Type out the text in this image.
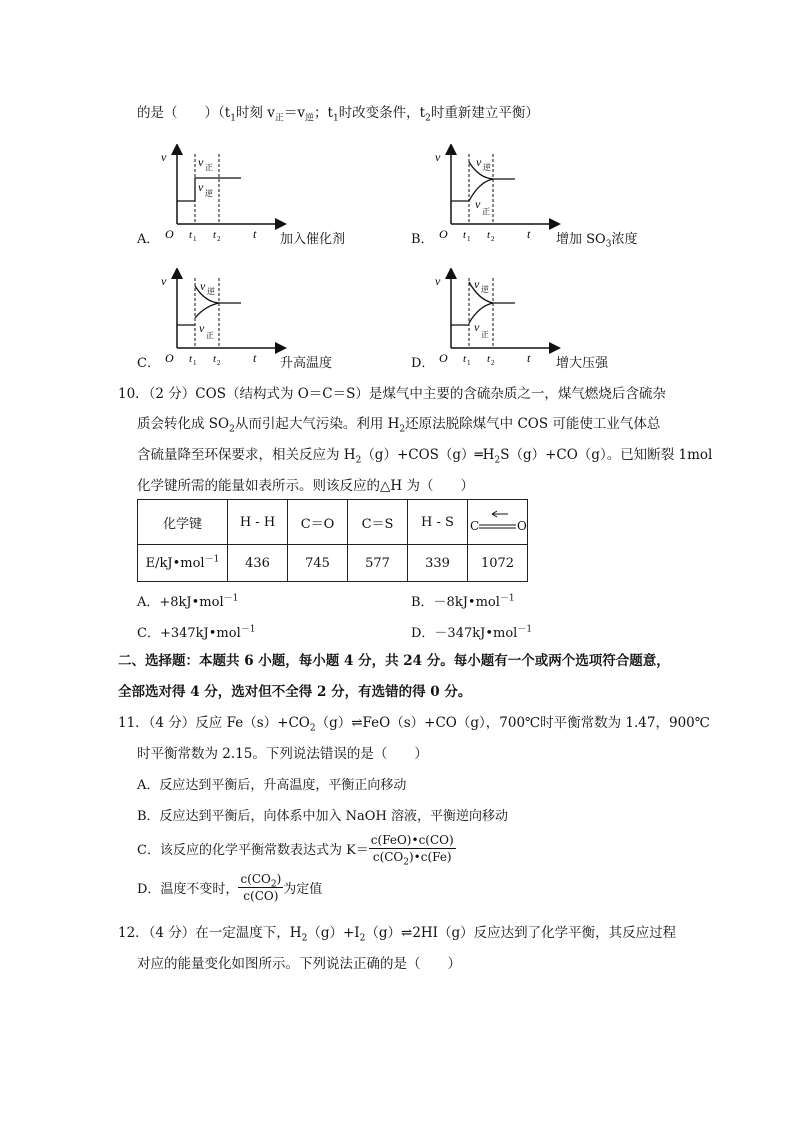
的是（　　）（$t_1$时刻 $v_正=v_逆$；$t_1$时改变条件，$t_2$时重新建立平衡）
A．
v	v 正
v 逆
O t 1 t 2	t 加入催化剂	B．
v	v 逆
v
正
O t 1 t 2	t 增加 $SO_3$浓度
C．
v	v 逆
v
正
O t 1 t 2	t 升高温度	D．
v	v 逆
v
正
O t 1 t 2	t 增大压强
10．（2 分）COS（结构式为 O＝C＝S）是煤气中主要的含硫杂质之一，煤气燃烧后含硫杂
质会转化成 $SO_2$从而引起大气污染。利用 $H_2$还原法脱除煤气中 COS 可能使工业气体总
含硫量降至环保要求，相关反应为 $H_2(g)+COS(g)═H_2S(g)+CO(g)$。已知断裂 1mol
化学键所需的能量如表所示。则该反应的△H 为（　　）
化学键	H - H	C＝O	C＝S	H - S	C O

E/kJ•mol$^{-1}$	436	745	577	339	1072
A．+8kJ•mol$^{-1}$	B．－8kJ•mol$^{-1}$
C．+347kJ•mol$^{-1}$	D．－347kJ•mol$^{-1}$
二、选择题：本题共 6 小题，每小题 4 分，共 24 分。每小题有一个或两个选项符合题意，
全部选对得 4 分，选对但不全得 2 分，有选错的得 0 分。
11．（4 分）反应 $Fe(s)+CO_2(g)\rightleftharpoons FeO(s)+CO(g)$，700℃时平衡常数为 1.47，900℃
时平衡常数为 2.15。下列说法错误的是（　　）
A．反应达到平衡后，升高温度，平衡正向移动
B．反应达到平衡后，向体系中加入 NaOH 溶液，平衡逆向移动
C．该反应的化学平衡常数表达式为 $K= \frac{\text{c(FeO)•c(CO)}}{c(CO_2)•c(Fe)}$
D．温度不变时， $\frac{c(CO_2)}{c(CO)}$ 为定值
12．（4 分）在一定温度下，$H_2(g)+I_2(g)\rightleftharpoons 2HI(g)$反应达到了化学平衡，其反应过程
对应的能量变化如图所示。下列说法正确的是（　　）
